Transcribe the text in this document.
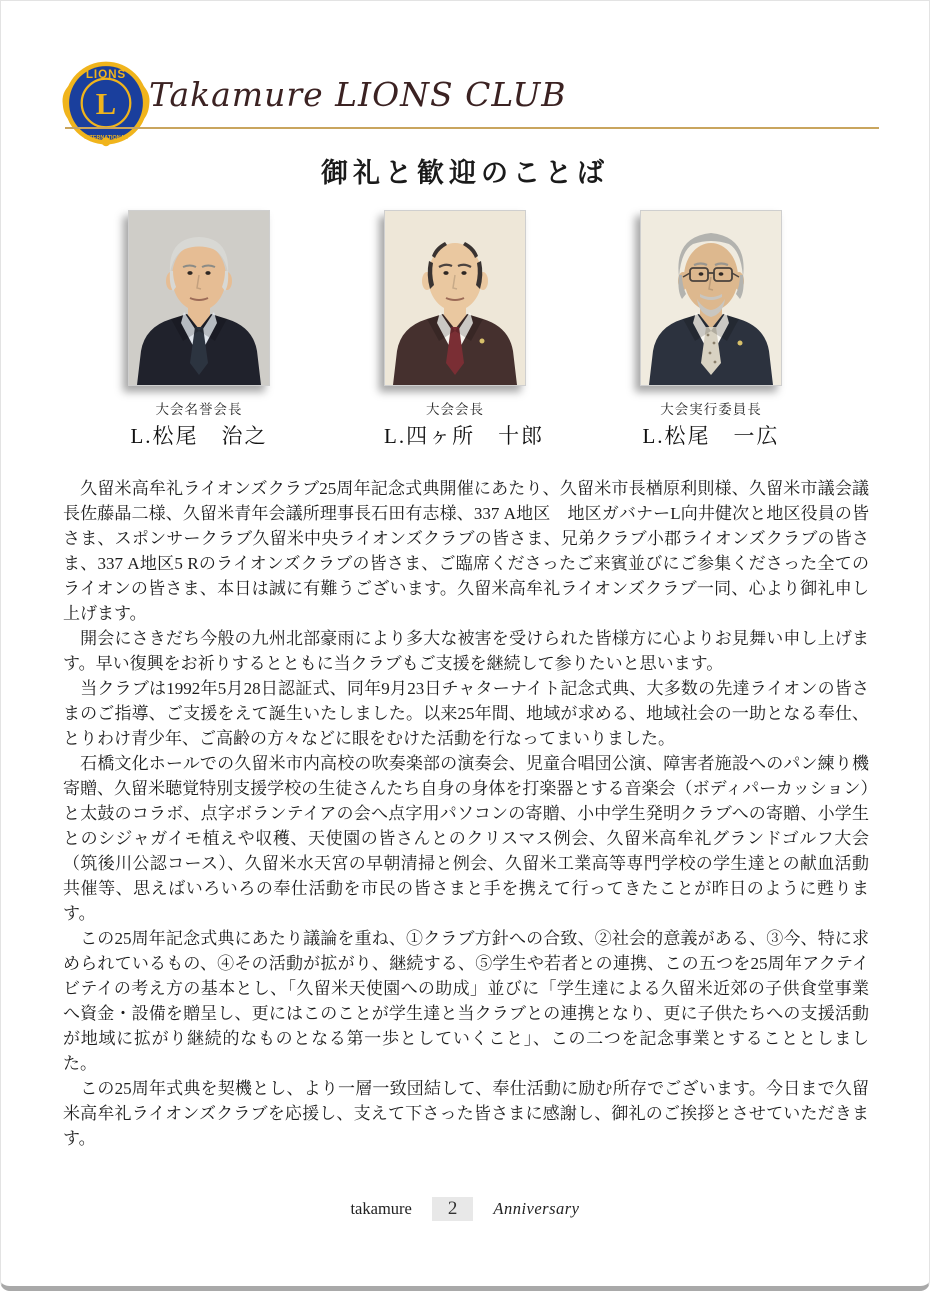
LIONS
INTERNATIONAL
L Takamure LIONS CLUB
御礼と歓迎のことば
大会名誉会長
L.松尾　治之
大会会長
L.四ヶ所　十郎
大会実行委員長
L.松尾　一広

　久留米高牟礼ライオンズクラブ25周年記念式典開催にあたり、久留米市長楢原利則様、久留米市議会議長佐藤晶二様、久留米青年会議所理事長石田有志様、337 A地区　地区ガバナーL向井健次と地区役員の皆さま、スポンサークラブ久留米中央ライオンズクラブの皆さま、兄弟クラブ小郡ライオンズクラブの皆さま、337 A地区5 Rのライオンズクラブの皆さま、ご臨席くださったご来賓並びにご参集くださった全てのライオンの皆さま、本日は誠に有難うございます。久留米高牟礼ライオンズクラブ一同、心より御礼申し上げます。

　開会にさきだち今般の九州北部豪雨により多大な被害を受けられた皆様方に心よりお見舞い申し上げます。早い復興をお祈りするとともに当クラブもご支援を継続して参りたいと思います。

　当クラブは1992年5月28日認証式、同年9月23日チャターナイト記念式典、大多数の先達ライオンの皆さまのご指導、ご支援をえて誕生いたしました。以来25年間、地域が求める、地域社会の一助となる奉仕、とりわけ青少年、ご高齢の方々などに眼をむけた活動を行なってまいりました。

　石橋文化ホールでの久留米市内高校の吹奏楽部の演奏会、児童合唱団公演、障害者施設へのパン練り機寄贈、久留米聴覚特別支援学校の生徒さんたち自身の身体を打楽器とする音楽会（ボディパーカッション）と太鼓のコラボ、点字ボランテイアの会へ点字用パソコンの寄贈、小中学生発明クラブへの寄贈、小学生とのシジャガイモ植えや収穫、天使園の皆さんとのクリスマス例会、久留米高牟礼グランドゴルフ大会（筑後川公認コース）、久留米水天宮の早朝清掃と例会、久留米工業高等専門学校の学生達との献血活動共催等、思えばいろいろの奉仕活動を市民の皆さまと手を携えて行ってきたことが昨日のように甦ります。

　この25周年記念式典にあたり議論を重ね、①クラブ方針への合致、②社会的意義がある、③今、特に求められているもの、④その活動が拡がり、継続する、⑤学生や若者との連携、この五つを25周年アクテイビテイの考え方の基本とし、「久留米天使園への助成」並びに「学生達による久留米近郊の子供食堂事業へ資金・設備を贈呈し、更にはこのことが学生達と当クラブとの連携となり、更に子供たちへの支援活動が地域に拡がり継続的なものとなる第一歩としていくこと」、この二つを記念事業とすることとしました。

　この25周年式典を契機とし、より一層一致団結して、奉仕活動に励む所存でございます。今日まで久留米高牟礼ライオンズクラブを応援し、支えて下さった皆さまに感謝し、御礼のご挨拶とさせていただきます。

takamure	2	Anniversary
